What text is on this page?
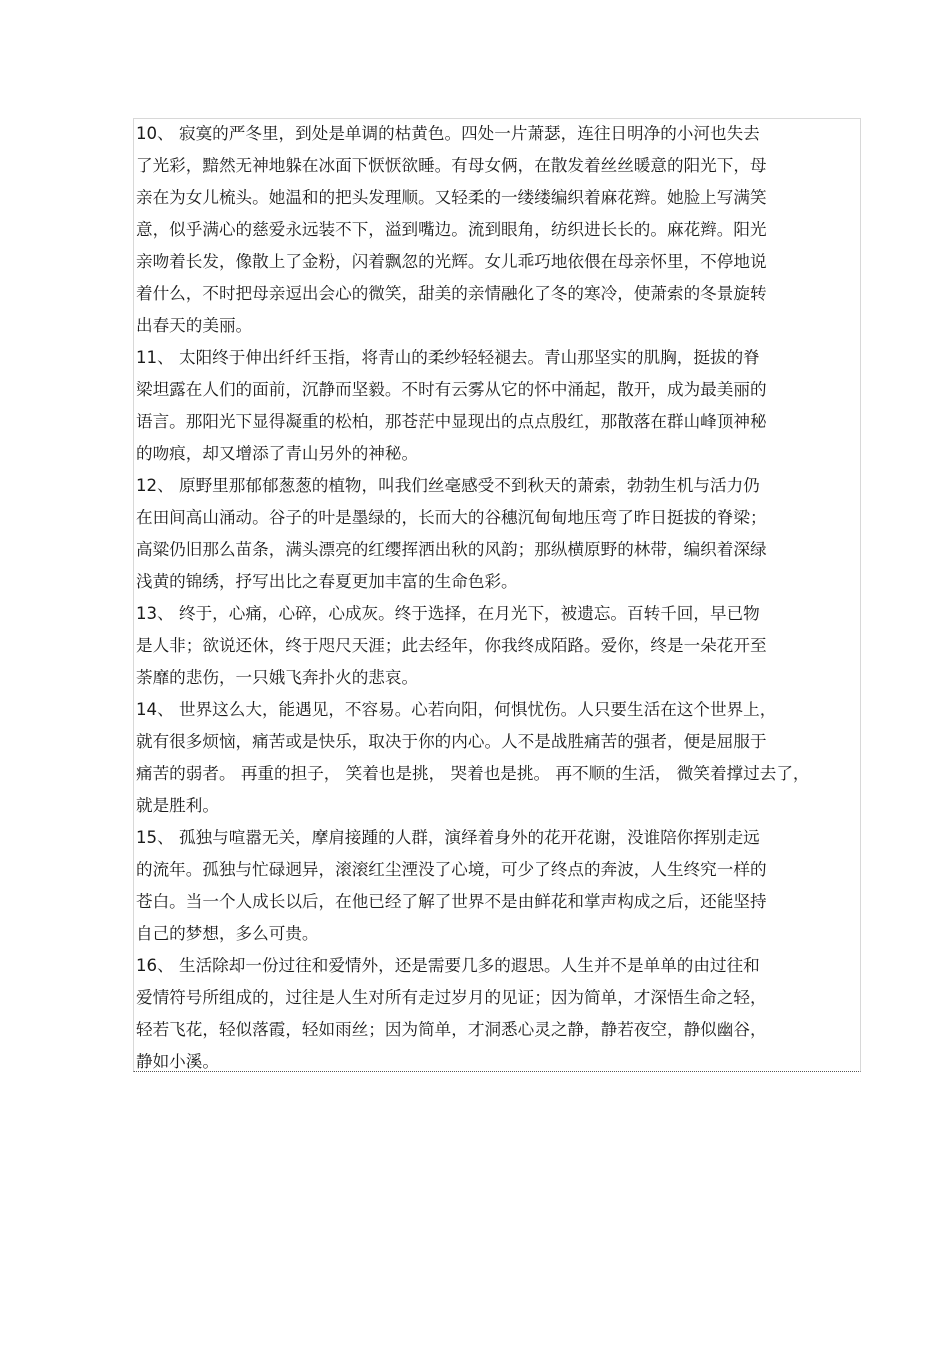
10、 寂寞的严冬里，到处是单调的枯黄色。四处一片萧瑟，连往日明净的小河也失去
了光彩，黯然无神地躲在冰面下恹恹欲睡。有母女俩，在散发着丝丝暖意的阳光下，母
亲在为女儿梳头。她温和的把头发理顺。又轻柔的一缕缕编织着麻花辫。她脸上写满笑
意，似乎满心的慈爱永远装不下，溢到嘴边。流到眼角，纺织进长长的。麻花辫。阳光
亲吻着长发，像散上了金粉，闪着飘忽的光辉。女儿乖巧地依偎在母亲怀里，不停地说
着什么，不时把母亲逗出会心的微笑，甜美的亲情融化了冬的寒冷，使萧索的冬景旋转
出春天的美丽。
11、 太阳终于伸出纤纤玉指，将青山的柔纱轻轻褪去。青山那坚实的肌胸，挺拔的脊
梁坦露在人们的面前，沉静而坚毅。不时有云雾从它的怀中涌起，散开，成为最美丽的
语言。那阳光下显得凝重的松柏，那苍茫中显现出的点点殷红，那散落在群山峰顶神秘
的吻痕，却又增添了青山另外的神秘。
12、 原野里那郁郁葱葱的植物，叫我们丝毫感受不到秋天的萧索，勃勃生机与活力仍
在田间高山涌动。谷子的叶是墨绿的，长而大的谷穗沉甸甸地压弯了昨日挺拔的脊梁；
高粱仍旧那么苗条，满头漂亮的红缨挥洒出秋的风韵；那纵横原野的林带，编织着深绿
浅黄的锦绣，抒写出比之春夏更加丰富的生命色彩。
13、 终于，心痛，心碎，心成灰。终于选择，在月光下，被遗忘。百转千回，早已物
是人非；欲说还休，终于咫尺天涯；此去经年，你我终成陌路。爱你，终是一朵花开至
荼靡的悲伤，一只娥飞奔扑火的悲哀。
14、 世界这么大，能遇见，不容易。心若向阳，何惧忧伤。人只要生活在这个世界上，
就有很多烦恼，痛苦或是快乐，取决于你的内心。人不是战胜痛苦的强者，便是屈服于
痛苦的弱者。 再重的担子， 笑着也是挑， 哭着也是挑。 再不顺的生活， 微笑着撑过去了，
就是胜利。
15、 孤独与喧嚣无关，摩肩接踵的人群，演绎着身外的花开花谢，没谁陪你挥别走远
的流年。孤独与忙碌迥异，滚滚红尘湮没了心境，可少了终点的奔波，人生终究一样的
苍白。当一个人成长以后，在他已经了解了世界不是由鲜花和掌声构成之后，还能坚持
自己的梦想，多么可贵。
16、 生活除却一份过往和爱情外，还是需要几多的遐思。人生并不是单单的由过往和
爱情符号所组成的，过往是人生对所有走过岁月的见证；因为简单，才深悟生命之轻，
轻若飞花，轻似落霞，轻如雨丝；因为简单，才洞悉心灵之静，静若夜空，静似幽谷，
静如小溪。
